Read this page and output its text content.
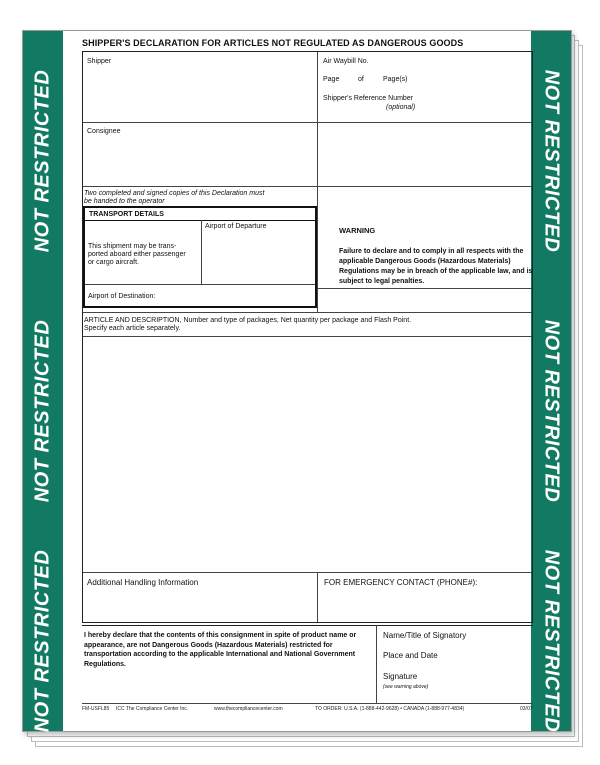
NOT RESTRICTED
NOT RESTRICTED
NOT RESTRICTED
NOT RESTRICTED
NOT RESTRICTED
NOT RESTRICTED
SHIPPER'S DECLARATION FOR ARTICLES NOT REGULATED AS DANGEROUS GOODS
Shipper	Air Waybill No.
Page	of	Page(s)
Shipper's Reference Number
(optional)
Consignee
Two completed and signed copies of this Declaration must
be handed to the operator
TRANSPORT DETAILS
This shipment may be trans-
ported aboard either passenger
or cargo aircraft.
Airport of Departure
Airport of Destination:
WARNING
Failure to declare and to comply in all respects with the applicable Dangerous Goods (Hazardous Materials) Regulations may be in breach of the applicable law, and is subject to legal penalties.
ARTICLE AND DESCRIPTION, Number and type of packages, Net quantity per package and Flash Point.
Specify each article separately.
Additional Handling Information	FOR EMERGENCY CONTACT (PHONE#):
I hereby declare that the contents of this consignment in spite of product name or appearance, are not Dangerous Goods (Hazardous Materials) restricted for transportation according to the applicable International and National Government Regulations.
Name/Title of Signatory
Place and Date
Signature
(see warning above)
FM-USFL85 ICC The Compliance Center Inc.	www.thecompliancecenter.com	TO ORDER: U.S.A. (1-888-442-9628) • CANADA (1-888-977-4834)	03/07
